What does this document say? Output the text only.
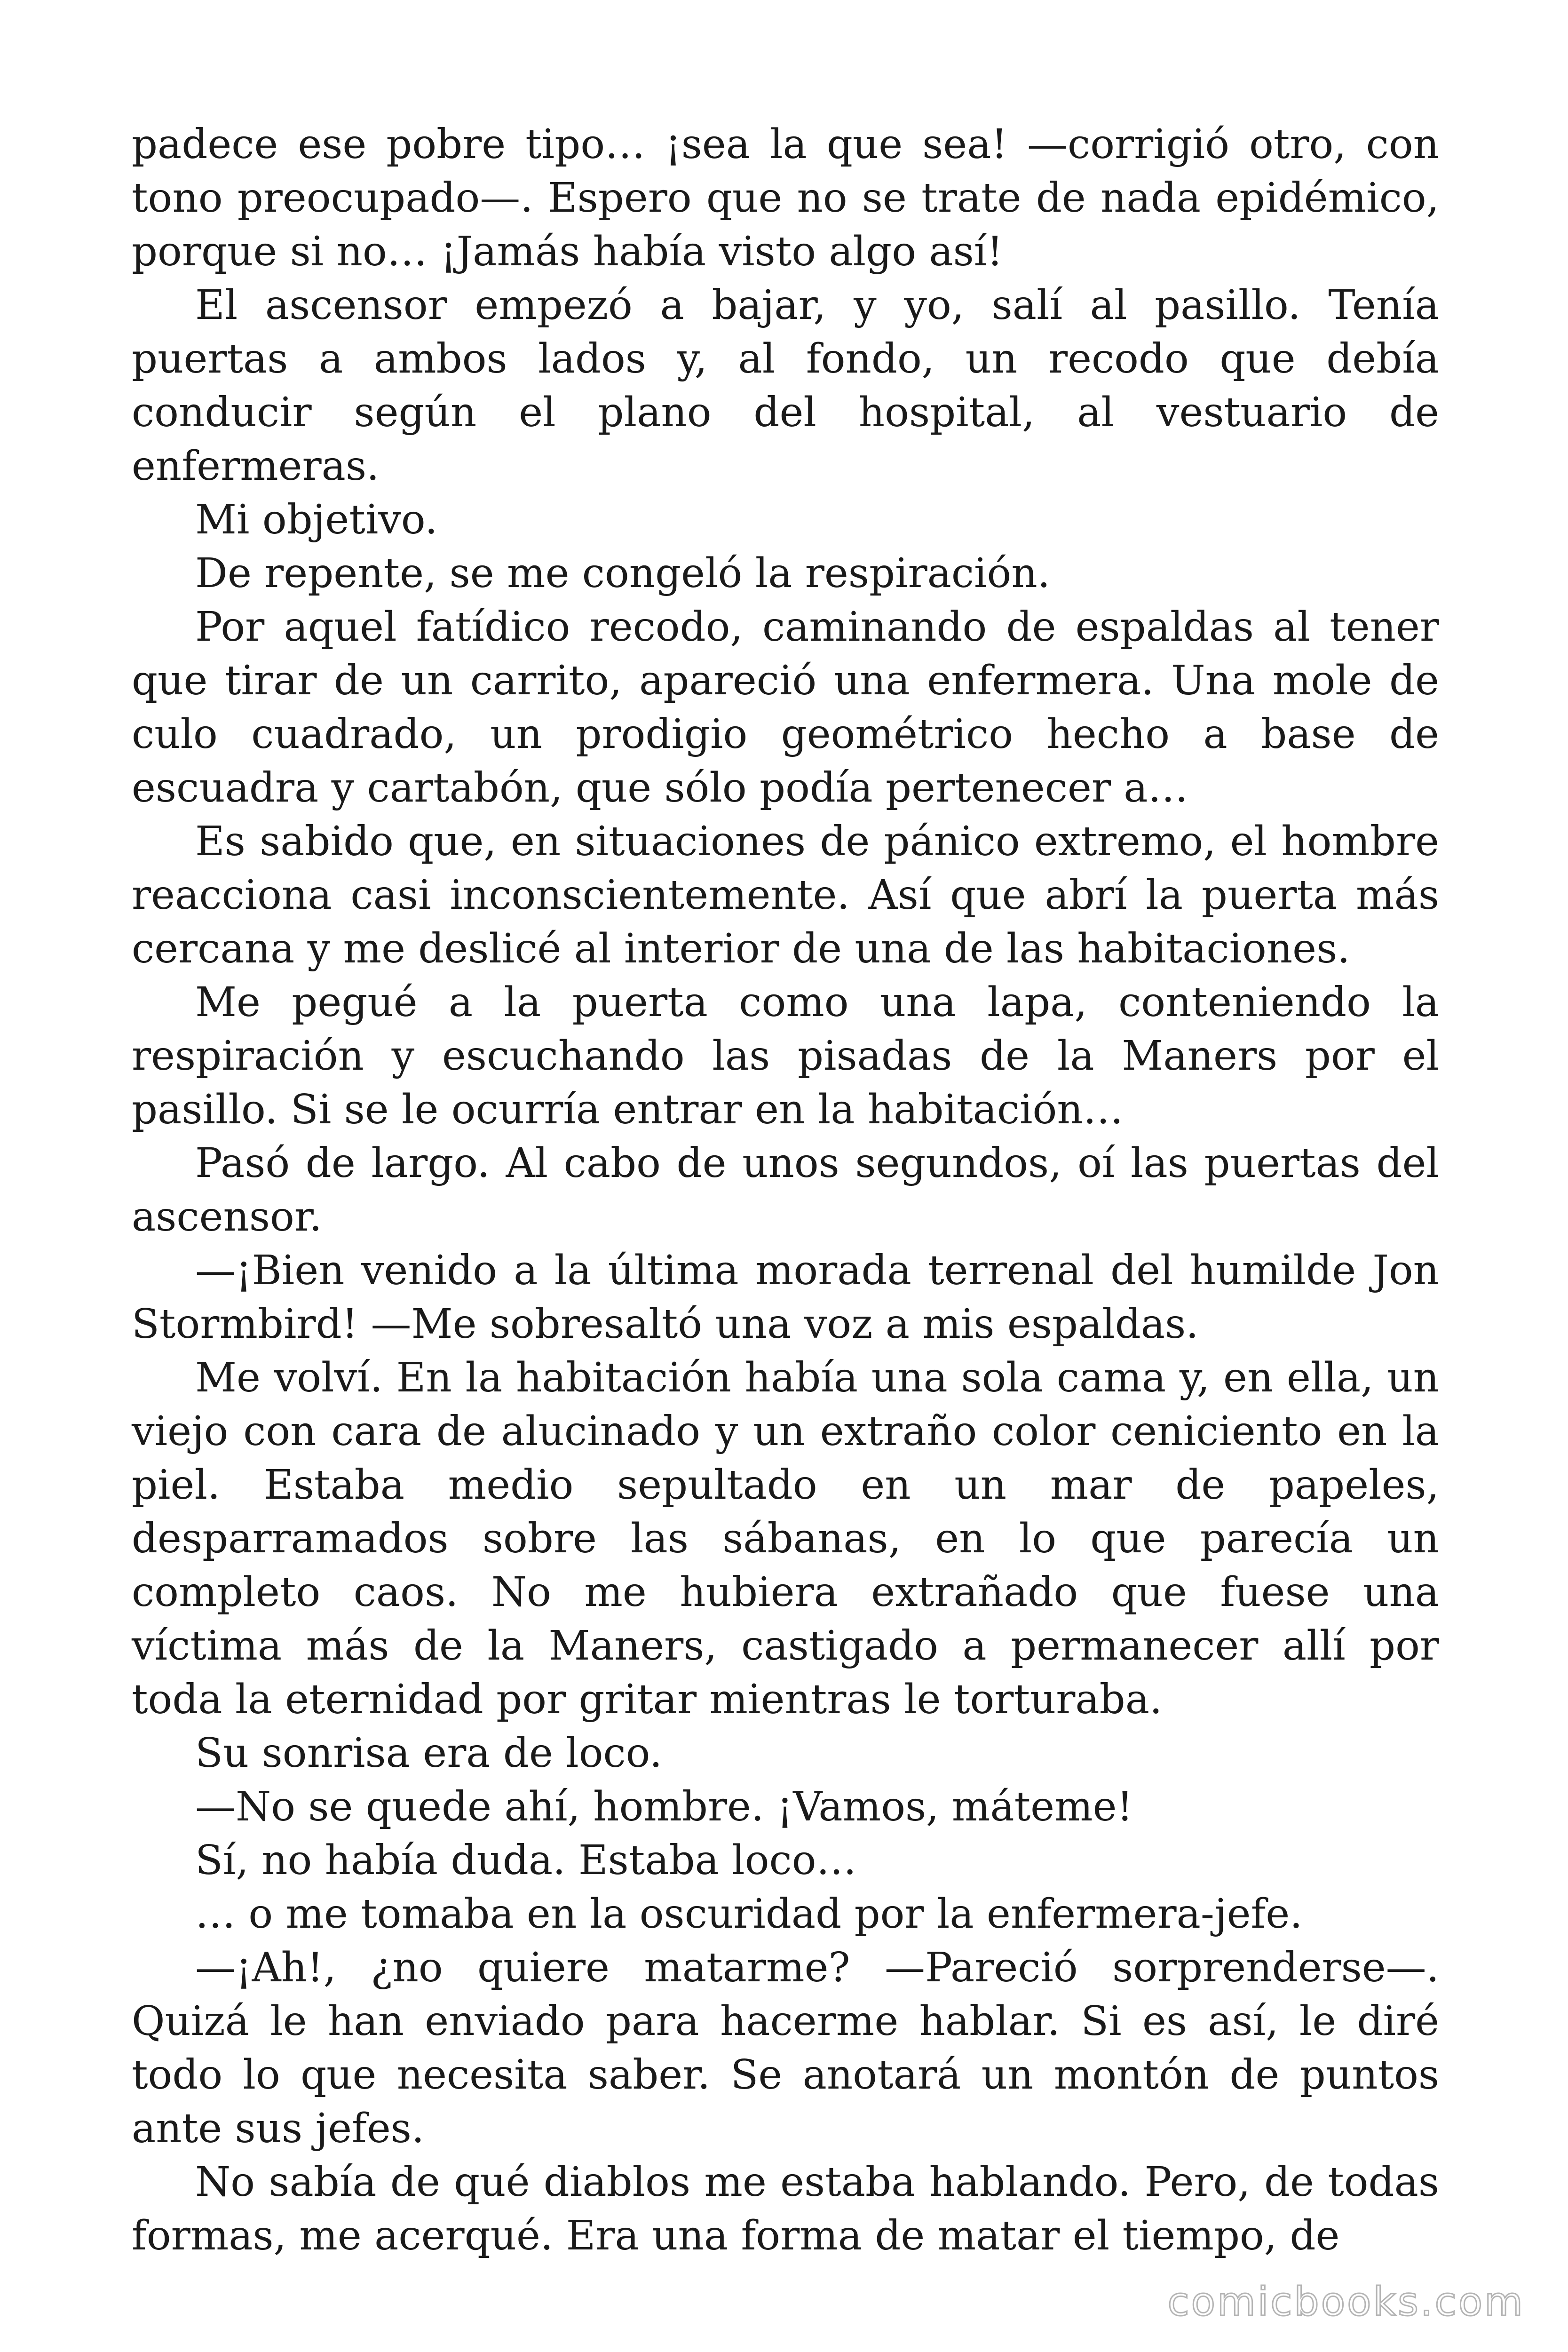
padece ese pobre tipo… ¡sea la que sea! —corrigió otro, con tono preocupado—. Espero que no se trate de nada epidémico, porque si no… ¡Jamás había visto algo así!

El ascensor empezó a bajar, y yo, salí al pasillo. Tenía puertas a ambos lados y, al fondo, un recodo que debía conducir según el plano del hospital, al vestuario de enfermeras.

Mi objetivo.

De repente, se me congeló la respiración.

Por aquel fatídico recodo, caminando de espaldas al tener que tirar de un carrito, apareció una enfermera. Una mole de culo cuadrado, un prodigio geométrico hecho a base de escuadra y cartabón, que sólo podía pertenecer a…

Es sabido que, en situaciones de pánico extremo, el hombre reacciona casi inconscientemente. Así que abrí la puerta más cercana y me deslicé al interior de una de las habitaciones.

Me pegué a la puerta como una lapa, conteniendo la respiración y escuchando las pisadas de la Maners por el pasillo. Si se le ocurría entrar en la habitación…

Pasó de largo. Al cabo de unos segundos, oí las puertas del ascensor.

—¡Bien venido a la última morada terrenal del humilde Jon Stormbird! —Me sobresaltó una voz a mis espaldas.

Me volví. En la habitación había una sola cama y, en ella, un viejo con cara de alucinado y un extraño color ceniciento en la piel. Estaba medio sepultado en un mar de papeles, desparramados sobre las sábanas, en lo que parecía un completo caos. No me hubiera extrañado que fuese una víctima más de la Maners, castigado a permanecer allí por toda la eternidad por gritar mientras le torturaba.

Su sonrisa era de loco.

—No se quede ahí, hombre. ¡Vamos, máteme!

Sí, no había duda. Estaba loco…

… o me tomaba en la oscuridad por la enfermera-jefe.

—¡Ah!, ¿no quiere matarme? —Pareció sorprenderse—. Quizá le han enviado para hacerme hablar. Si es así, le diré todo lo que necesita saber. Se anotará un montón de puntos ante sus jefes.

No sabía de qué diablos me estaba hablando. Pero, de todas formas, me acerqué. Era una forma de matar el tiempo, de

comicbooks.com
